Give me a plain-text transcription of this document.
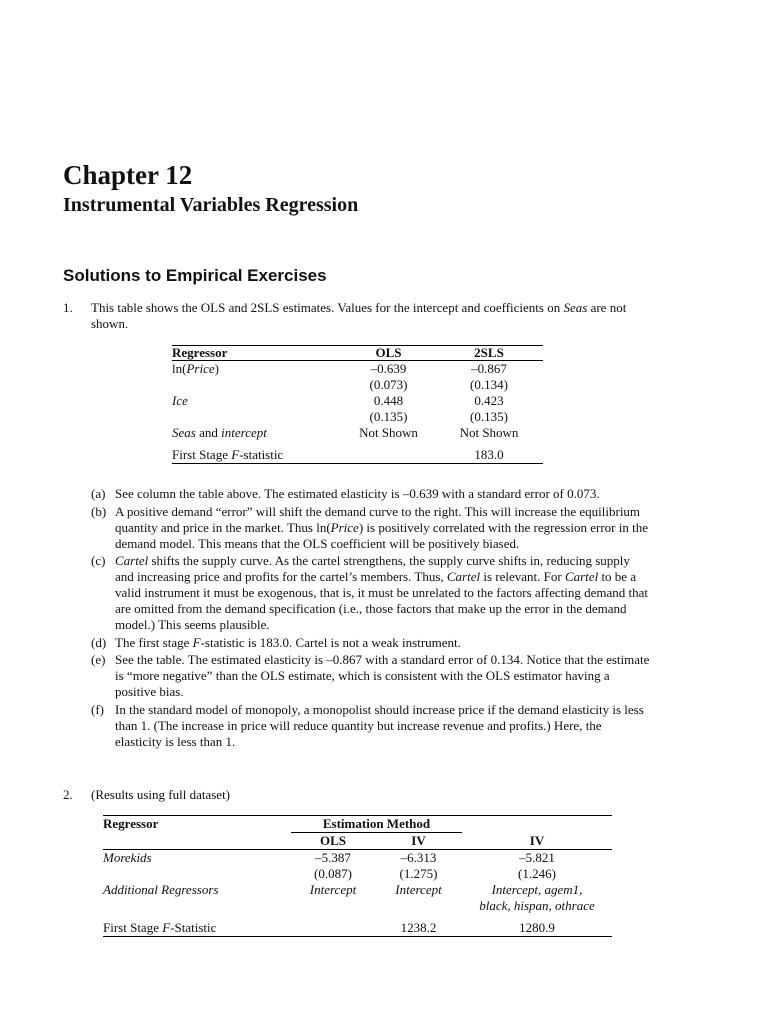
Chapter 12
Instrumental Variables Regression
Solutions to Empirical Exercises
1. This table shows the OLS and 2SLS estimates. Values for the intercept and coefficients on Seas are not shown.
Regressor	OLS	2SLS
ln(Price)	–0.639	–0.867
	(0.073)	(0.134)
Ice	0.448	0.423
	(0.135)	(0.135)
Seas and intercept	Not Shown	Not Shown

First Stage F-statistic		183.0
(a) See column the table above. The estimated elasticity is –0.639 with a standard error of 0.073.
(b) A positive demand “error” will shift the demand curve to the right. This will increase the equilibrium quantity and price in the market. Thus ln(Price) is positively correlated with the regression error in the demand model. This means that the OLS coefficient will be positively biased.
(c) Cartel shifts the supply curve. As the cartel strengthens, the supply curve shifts in, reducing supply and increasing price and profits for the cartel’s members. Thus, Cartel is relevant. For Cartel to be a valid instrument it must be exogenous, that is, it must be unrelated to the factors affecting demand that are omitted from the demand specification (i.e., those factors that make up the error in the demand model.) This seems plausible.
(d) The first stage F-statistic is 183.0. Cartel is not a weak instrument.
(e) See the table. The estimated elasticity is –0.867 with a standard error of 0.134. Notice that the estimate is “more negative” than the OLS estimate, which is consistent with the OLS estimator having a positive bias.
(f) In the standard model of monopoly, a monopolist should increase price if the demand elasticity is less than 1. (The increase in price will reduce quantity but increase revenue and profits.) Here, the elasticity is less than 1.
2. (Results using full dataset)
Regressor	Estimation Method		
	OLS	IV	IV
Morekids	–5.387	–6.313	–5.821
	(0.087)	(1.275)	(1.246)
Additional Regressors	Intercept	Intercept	Intercept, agem1,
black, hispan, othrace

First Stage F-Statistic		1238.2	1280.9
